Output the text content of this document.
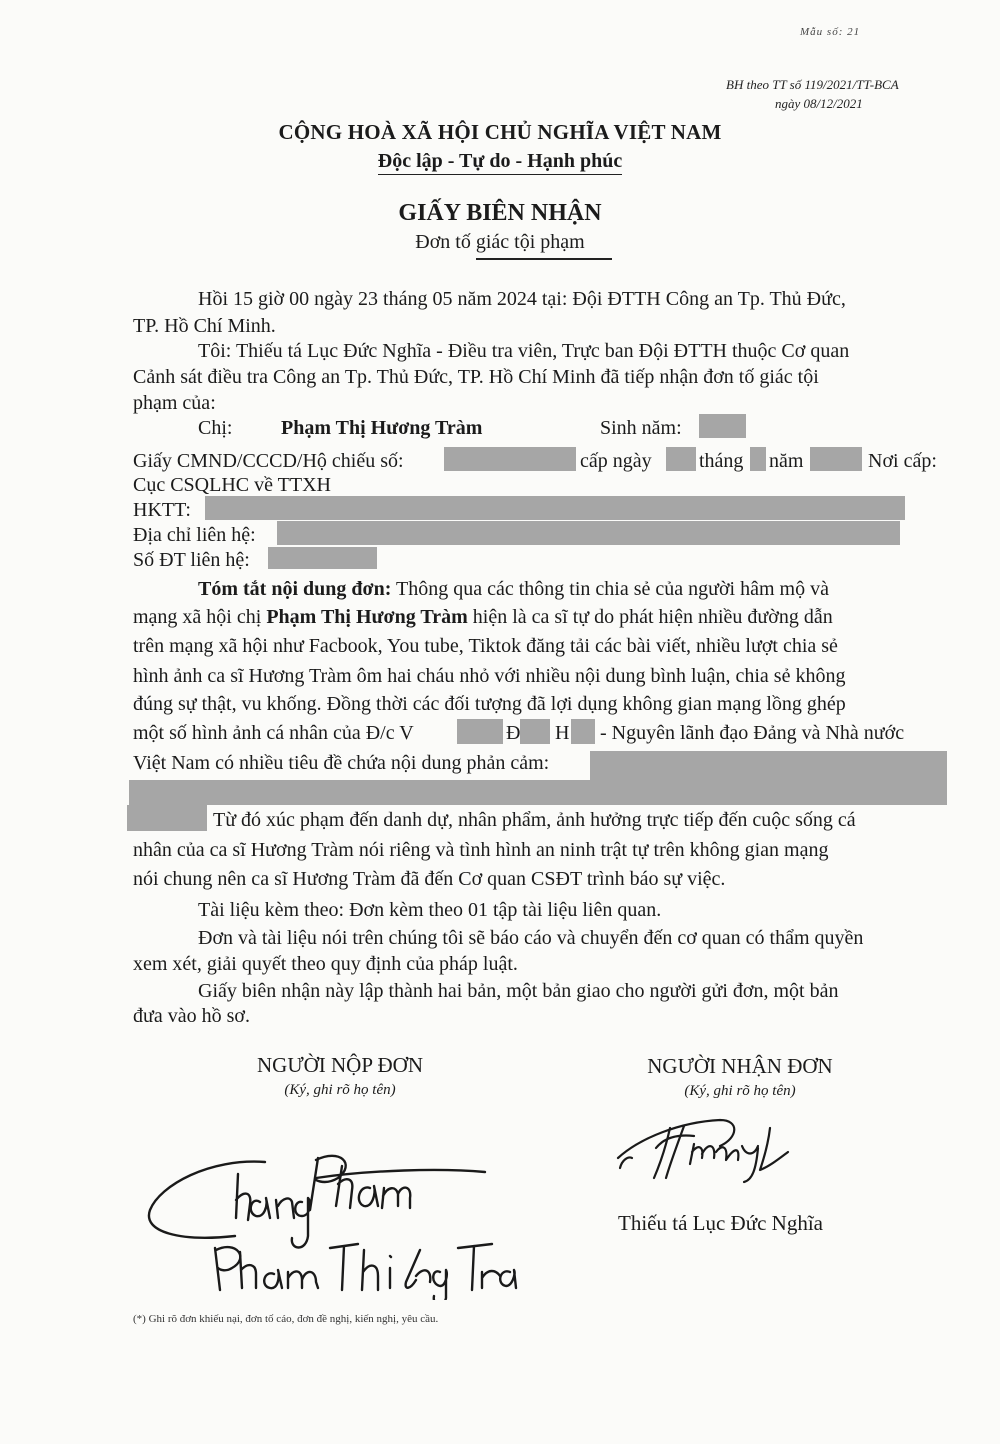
Mẫu số: 21
BH theo TT số 119/2021/TT-BCA
ngày 08/12/2021
CỘNG HOÀ XÃ HỘI CHỦ NGHĨA VIỆT NAM
Độc lập - Tự do - Hạnh phúc
GIẤY BIÊN NHẬN
Đơn tố giác tội phạm
Hồi 15 giờ 00 ngày 23 tháng 05 năm 2024 tại: Đội ĐTTH Công an Tp. Thủ Đức,
TP. Hồ Chí Minh.
Tôi: Thiếu tá Lục Đức Nghĩa - Điều tra viên, Trực ban Đội ĐTTH thuộc Cơ quan
Cảnh sát điều tra Công an Tp. Thủ Đức, TP. Hồ Chí Minh đã tiếp nhận đơn tố giác tội
phạm của:
Chị: Phạm Thị Hương Tràm	Sinh năm:
Giấy CMND/CCCD/Hộ chiếu số:	cấp ngày tháng năm	Nơi cấp:
Cục CSQLHC về TTXH
HKTT:
Địa chỉ liên hệ:
Số ĐT liên hệ:
Tóm tắt nội dung đơn: Thông qua các thông tin chia sẻ của người hâm mộ và
mạng xã hội chị Phạm Thị Hương Tràm hiện là ca sĩ tự do phát hiện nhiều đường dẫn
trên mạng xã hội như Facbook, You tube, Tiktok đăng tải các bài viết, nhiều lượt chia sẻ
hình ảnh ca sĩ Hương Tràm ôm hai cháu nhỏ với nhiều nội dung bình luận, chia sẻ không
đúng sự thật, vu khống. Đồng thời các đối tượng đã lợi dụng không gian mạng lồng ghép
một số hình ảnh cá nhân của Đ/c V	Đ H - Nguyên lãnh đạo Đảng và Nhà nước
Việt Nam có nhiều tiêu đề chứa nội dung phản cảm:
Từ đó xúc phạm đến danh dự, nhân phẩm, ảnh hưởng trực tiếp đến cuộc sống cá
nhân của ca sĩ Hương Tràm nói riêng và tình hình an ninh trật tự trên không gian mạng
nói chung nên ca sĩ Hương Tràm đã đến Cơ quan CSĐT trình báo sự việc.
Tài liệu kèm theo: Đơn kèm theo 01 tập tài liệu liên quan.
Đơn và tài liệu nói trên chúng tôi sẽ báo cáo và chuyển đến cơ quan có thẩm quyền
xem xét, giải quyết theo quy định của pháp luật.
Giấy biên nhận này lập thành hai bản, một bản giao cho người gửi đơn, một bản
đưa vào hồ sơ.
NGƯỜI NỘP ĐƠN
(Ký, ghi rõ họ tên)
NGƯỜI NHẬN ĐƠN
(Ký, ghi rõ họ tên)
Thiếu tá Lục Đức Nghĩa
(*) Ghi rõ đơn khiếu nại, đơn tố cáo, đơn đề nghị, kiến nghị, yêu cầu.
